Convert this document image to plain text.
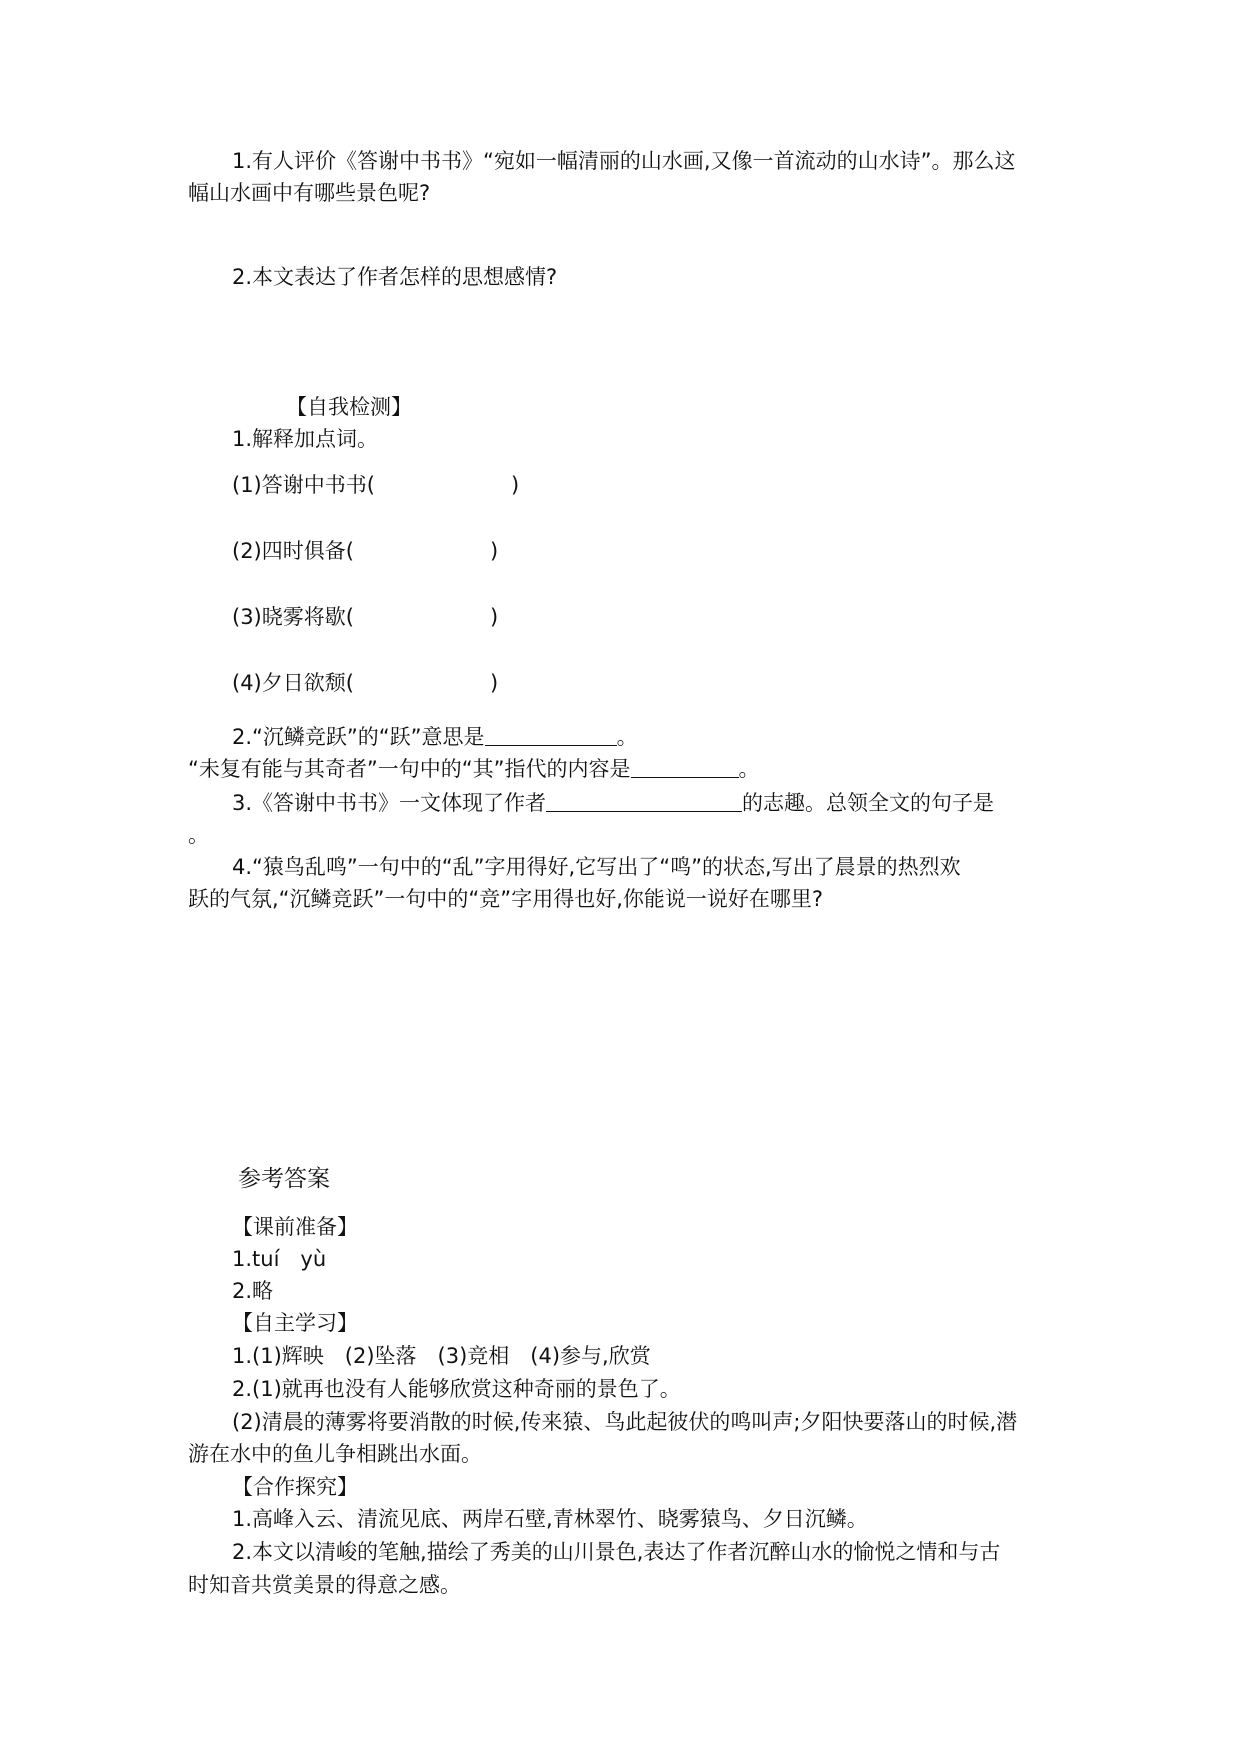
1.有人评价《答谢中书书》“宛如一幅清丽的山水画,又像一首流动的山水诗”。那么这
幅山水画中有哪些景色呢?
2.本文表达了作者怎样的思想感情?
【自我检测】
1.解释加点词。
(1)答谢中书书(	)
(2)四时俱备(	)
(3)晓雾将歇(	)
(4)夕日欲颓(	)
2.“沉鳞竞跃”的“跃”意思是	。
“未复有能与其奇者”一句中的“其”指代的内容是	。
3.《答谢中书书》一文体现了作者	的志趣。总领全文的句子是
。
4.“猿鸟乱鸣”一句中的“乱”字用得好,它写出了“鸣”的状态,写出了晨景的热烈欢
跃的气氛,“沉鳞竞跃”一句中的“竞”字用得也好,你能说一说好在哪里?
参考答案
【课前准备】
1.tuí　yù
2.略
【自主学习】
1.(1)辉映　(2)坠落　(3)竞相　(4)参与,欣赏
2.(1)就再也没有人能够欣赏这种奇丽的景色了。
(2)清晨的薄雾将要消散的时候,传来猿、鸟此起彼伏的鸣叫声;夕阳快要落山的时候,潜
游在水中的鱼儿争相跳出水面。
【合作探究】
1.高峰入云、清流见底、两岸石壁,青林翠竹、晓雾猿鸟、夕日沉鳞。
2.本文以清峻的笔触,描绘了秀美的山川景色,表达了作者沉醉山水的愉悦之情和与古
时知音共赏美景的得意之感。
